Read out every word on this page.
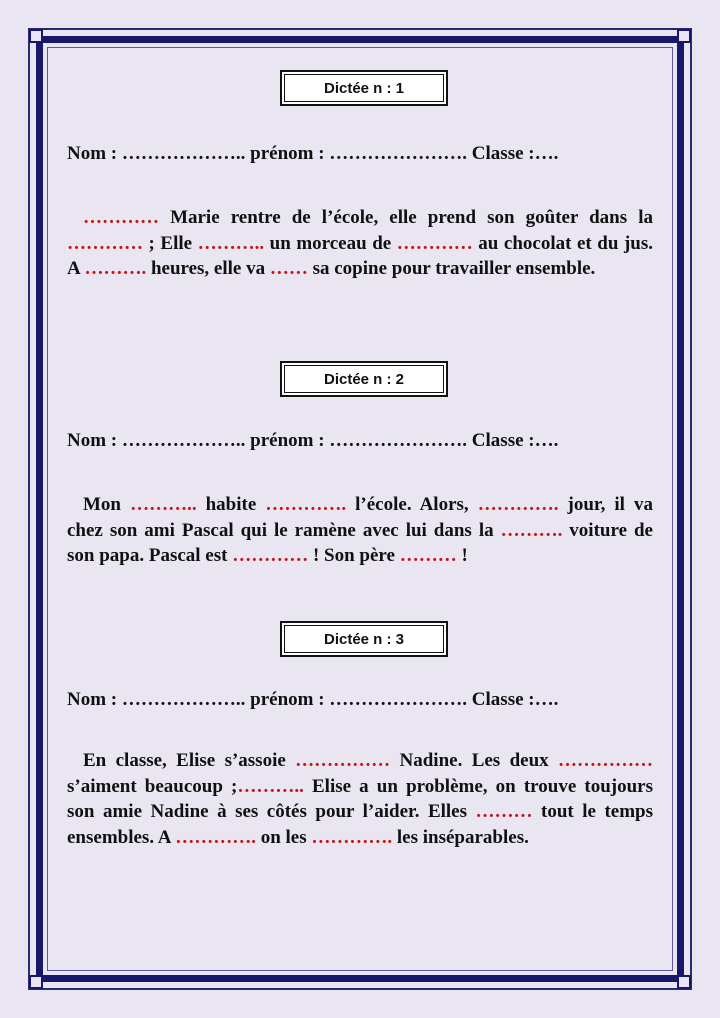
Dictée n : 1
Nom : ……………….. prénom : …………………. Classe :….
………… Marie rentre de l’école, elle prend son goûter dans la ………… ; Elle ……….. un morceau de ………… au chocolat et du jus. A ………. heures, elle va …… sa copine pour travailler ensemble.
Dictée n : 2
Nom : ……………….. prénom : …………………. Classe :….
Mon ……….. habite …………. l’école. Alors, …………. jour, il va chez son ami Pascal qui le ramène avec lui dans la ………. voiture de son papa. Pascal est ………… ! Son père ……… !
Dictée n : 3
Nom : ……………….. prénom : …………………. Classe :….
En classe, Elise s’assoie …………… Nadine. Les deux …………… s’aiment beaucoup ;……….. Elise a un problème, on trouve toujours son amie Nadine à ses côtés pour l’aider. Elles ……… tout le temps ensembles. A …………. on les …………. les inséparables.
